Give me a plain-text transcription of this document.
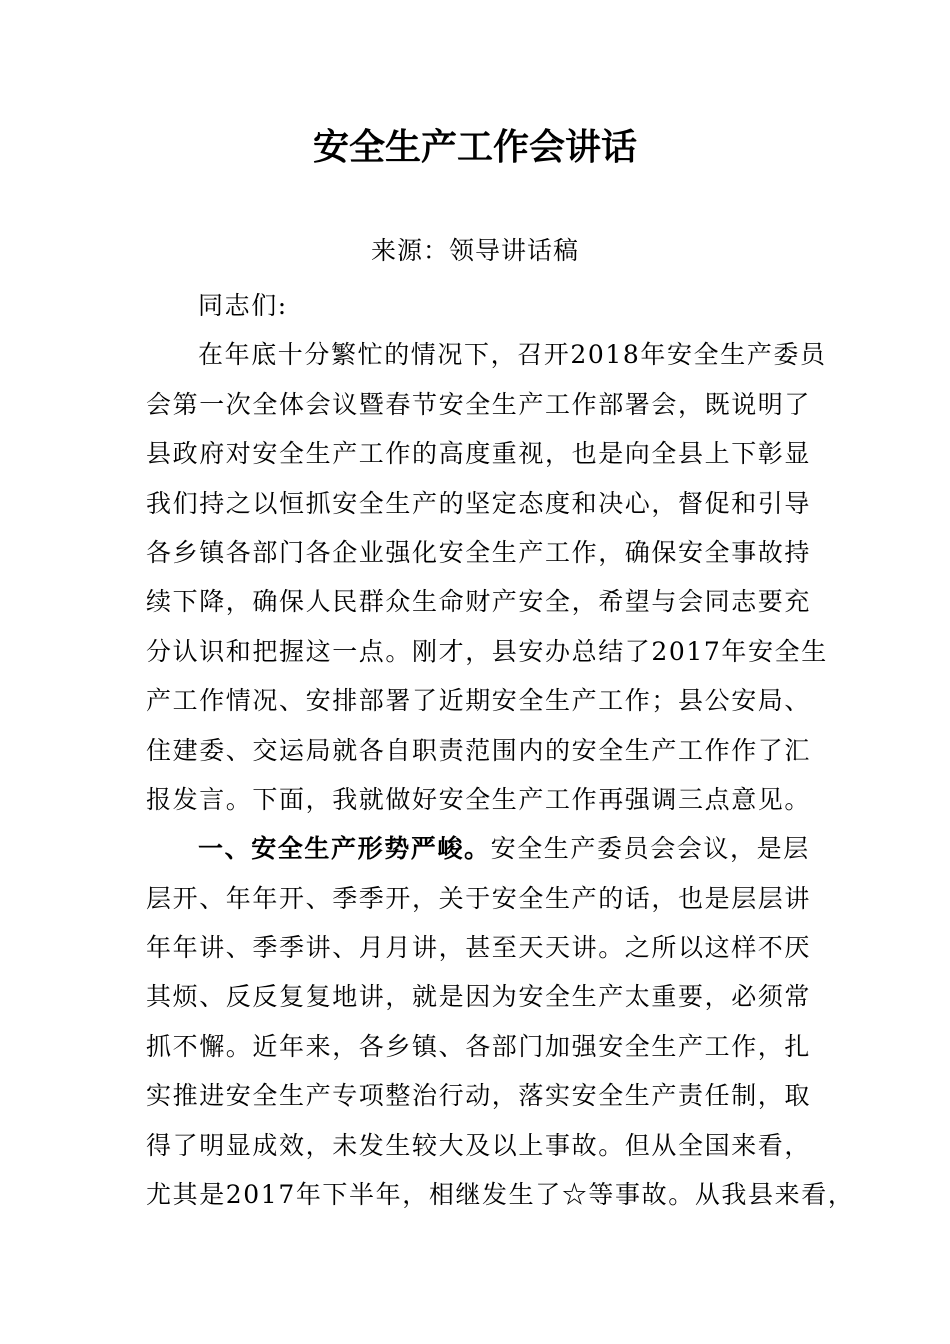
安全生产工作会讲话
来源：领导讲话稿
同志们:
在年底十分繁忙的情况下，召开2018年安全生产委员
会第一次全体会议暨春节安全生产工作部署会，既说明了
县政府对安全生产工作的高度重视，也是向全县上下彰显
我们持之以恒抓安全生产的坚定态度和决心，督促和引导
各乡镇各部门各企业强化安全生产工作，确保安全事故持
续下降，确保人民群众生命财产安全，希望与会同志要充
分认识和把握这一点。刚才，县安办总结了2017年安全生
产工作情况、安排部署了近期安全生产工作；县公安局、
住建委、交运局就各自职责范围内的安全生产工作作了汇
报发言。下面，我就做好安全生产工作再强调三点意见。
一、安全生产形势严峻。安全生产委员会会议，是层
层开、年年开、季季开，关于安全生产的话，也是层层讲
年年讲、季季讲、月月讲，甚至天天讲。之所以这样不厌
其烦、反反复复地讲，就是因为安全生产太重要，必须常
抓不懈。近年来，各乡镇、各部门加强安全生产工作，扎
实推进安全生产专项整治行动，落实安全生产责任制，取
得了明显成效，未发生较大及以上事故。但从全国来看，
尤其是2017年下半年，相继发生了☆等事故。从我县来看，
